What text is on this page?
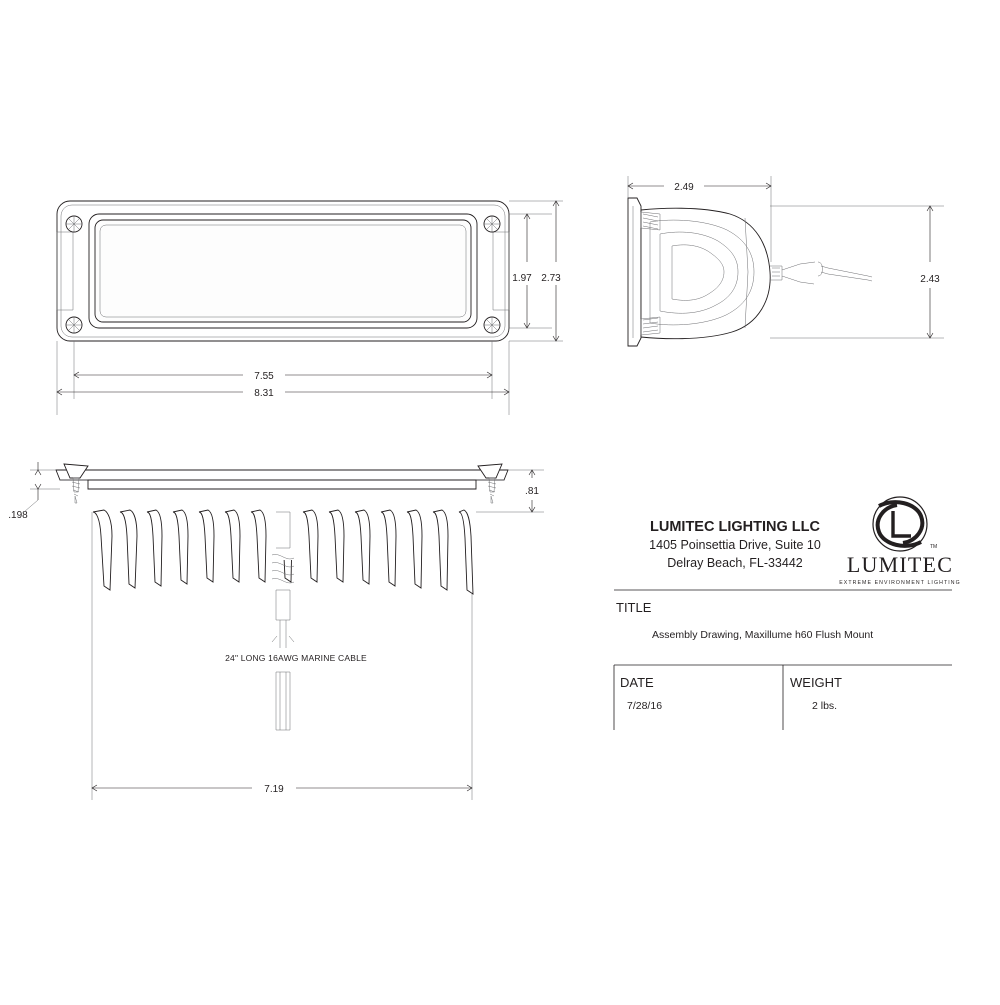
1.97 2.73
7.55
8.31
2.49
2.43
24" LONG 16AWG MARINE CABLE
.198
.81
7.19
LUMITEC LIGHTING LLC
1405 Poinsettia Drive, Suite 10
Delray Beach, FL-33442 LUMITEC
EXTREME ENVIRONMENT LIGHTING
TM
TITLE
Assembly Drawing, Maxillume h60 Flush Mount
DATE	WEIGHT
7/28/16	2 lbs.
